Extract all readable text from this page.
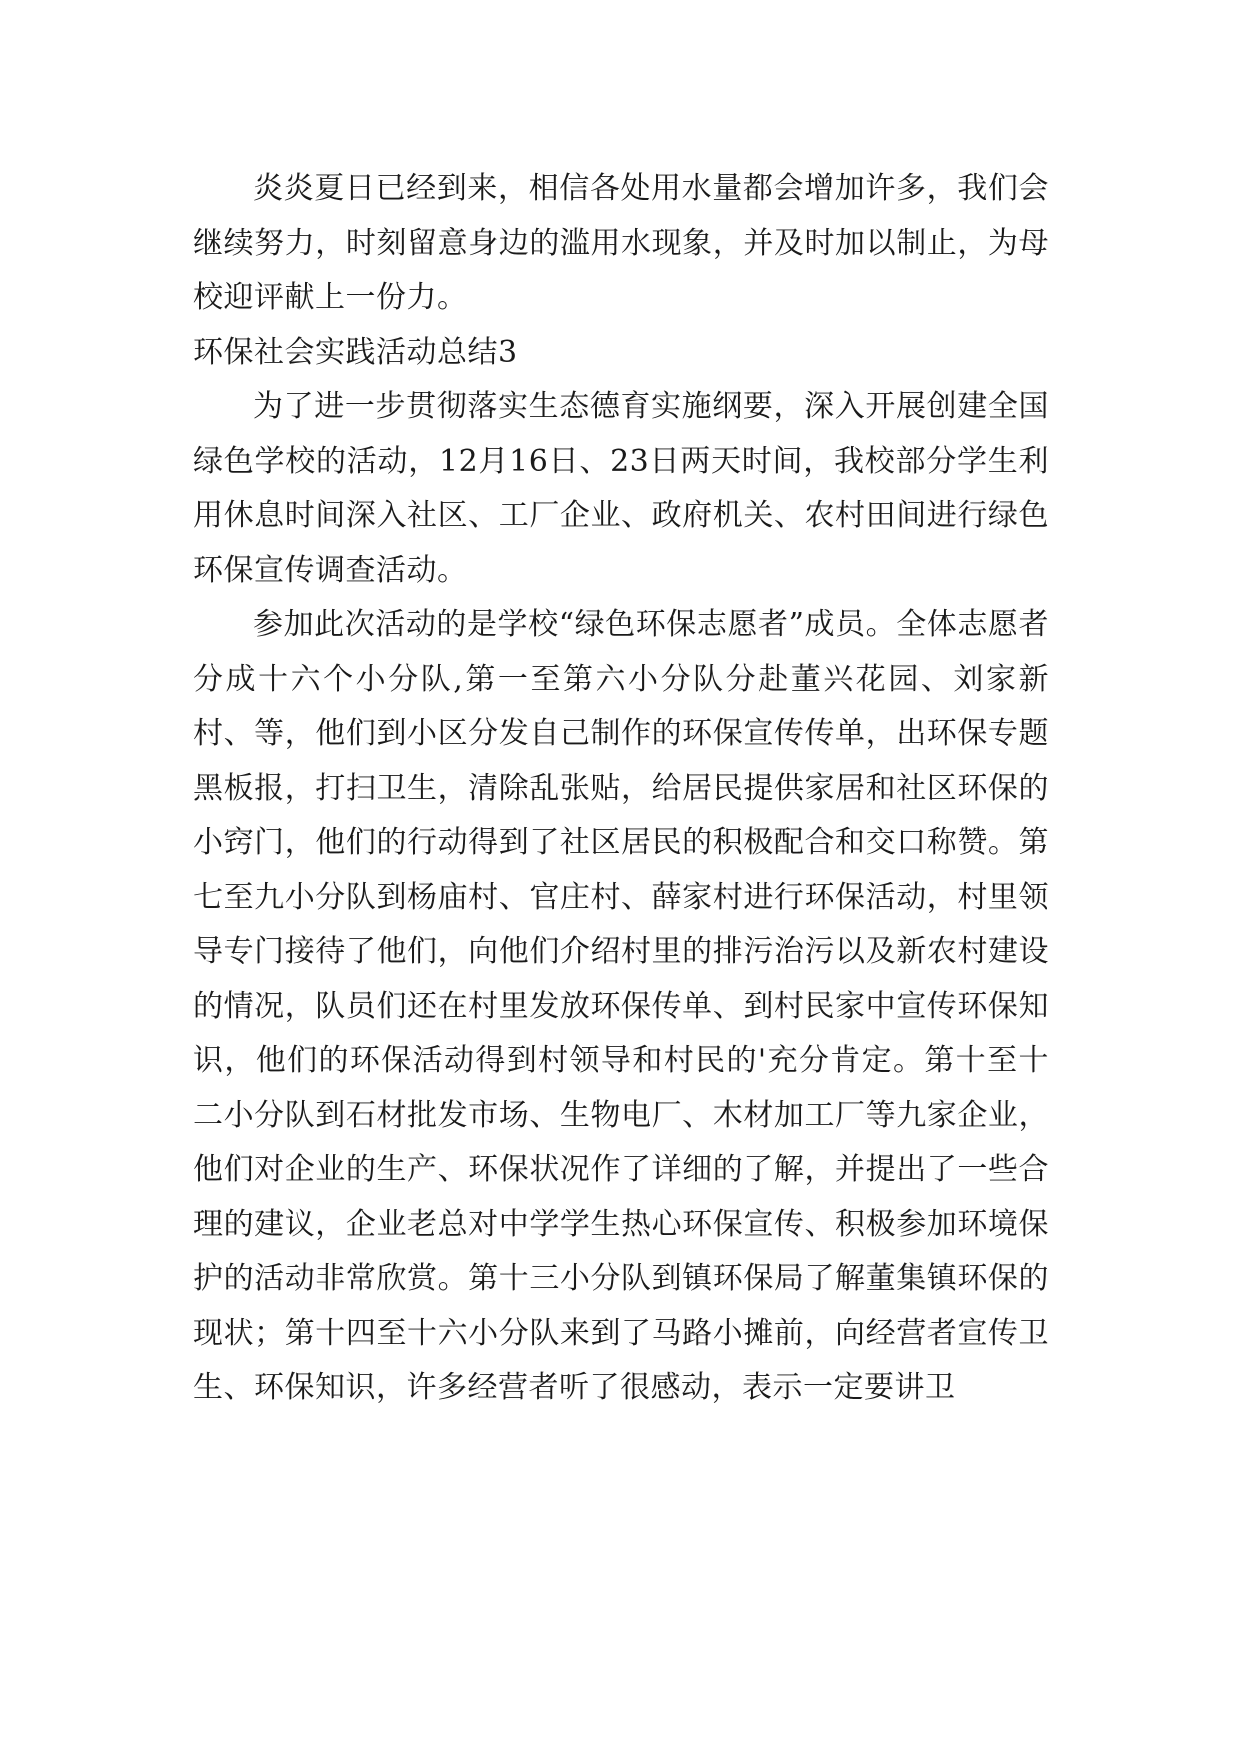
炎炎夏日已经到来，相信各处用水量都会增加许多，我们会继续努力，时刻留意身边的滥用水现象，并及时加以制止，为母校迎评献上一份力。

环保社会实践活动总结3

为了进一步贯彻落实生态德育实施纲要，深入开展创建全国绿色学校的活动，12月16日、23日两天时间，我校部分学生利用休息时间深入社区、工厂企业、政府机关、农村田间进行绿色环保宣传调查活动。

参加此次活动的是学校“绿色环保志愿者”成员。全体志愿者分成十六个小分队,第一至第六小分队分赴董兴花园、刘家新村、等，他们到小区分发自己制作的环保宣传传单，出环保专题黑板报，打扫卫生，清除乱张贴，给居民提供家居和社区环保的小窍门，他们的行动得到了社区居民的积极配合和交口称赞。第七至九小分队到杨庙村、官庄村、薛家村进行环保活动，村里领导专门接待了他们，向他们介绍村里的排污治污以及新农村建设的情况，队员们还在村里发放环保传单、到村民家中宣传环保知识，他们的环保活动得到村领导和村民的'充分肯定。第十至十二小分队到石材批发市场、生物电厂、木材加工厂等九家企业，他们对企业的生产、环保状况作了详细的了解，并提出了一些合理的建议，企业老总对中学学生热心环保宣传、积极参加环境保护的活动非常欣赏。第十三小分队到镇环保局了解董集镇环保的现状；第十四至十六小分队来到了马路小摊前，向经营者宣传卫生、环保知识，许多经营者听了很感动，表示一定要讲卫
